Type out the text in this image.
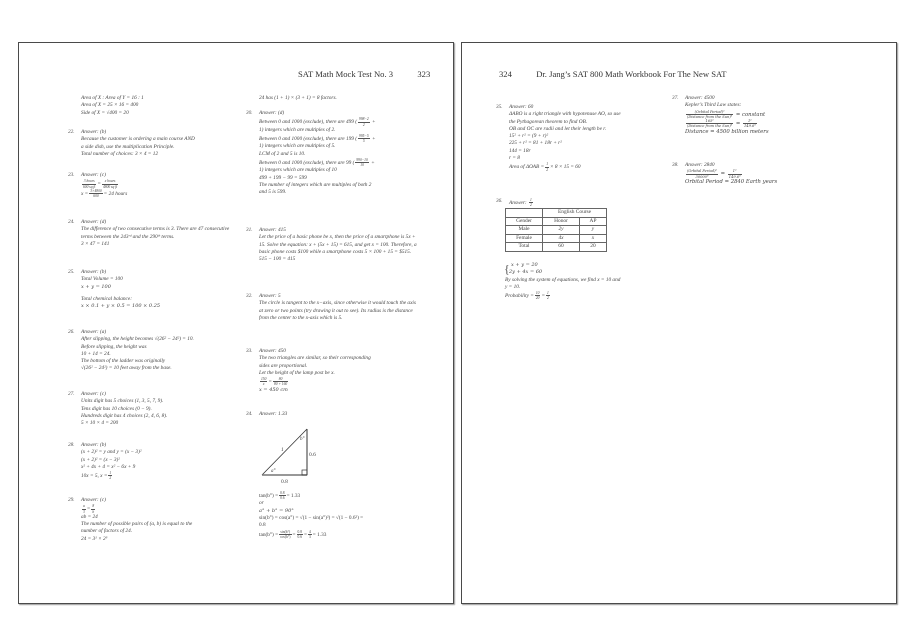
SAT Math Mock Test No. 3	323
Area of X : Area of Y = 16 : 1
Area of X = 25 × 16 = 400
Side of X = √400 = 20
22. Answer: (b)
Because the customer is ordering a main course AND
a side dish, use the multiplication Principle.
Total number of choices: 3 × 4 = 12
23. Answer: (c)
$\frac{\text{3 hours}}{\text{600 sq ft}} = \frac{\text{x hours}}{\text{4800 sq ft}}$
$x = \frac{3\times 4800}{600} = 24$ hours
24. Answer: (d)
The difference of two consecutive terms is 3. There are 47 consecutive terms between the 243ʳᵈ and the 290ᵗʰ terms.
3 × 47 = 141
25. Answer: (b)
Total Volume = 100
x + y = 100
Total chemical balance:
x × 0.1 + y × 0.5 = 100 × 0.25
26. Answer: (a)
After slipping, the height becomes √(26² − 24²) = 10.
Before slipping, the height was
10 + 14 = 24.
The bottom of the ladder was originally
√(26² − 24²) = 10 feet away from the base.
27. Answer: (c)
Units digit has 5 choices (1, 3, 5, 7, 9).
Tens digit has 10 choices (0 − 9).
Hundreds digit has 4 choices (2, 4, 6, 8).
5 × 10 × 4 = 200
28. Answer: (b)
(x + 2)² = y and y = (x − 3)²
(x + 2)² = (x − 3)²
x² + 4x + 4 = x² − 6x + 9
10x = 5, $x = \frac{1}{2}$
29. Answer: (c)
$\frac{a}{3} = \frac{8}{b}$
ab = 24
The number of possible pairs of (a, b) is equal to the
number of factors of 24.
24 = 3¹ × 2³
24 has (1 + 1) × (3 + 1) = 8 factors.
30. Answer: (d)
Between 0 and 1000 (exclude), there are 499 ( $\frac{998-2}{2}$ +
1) integers which are multiples of 2.
Between 0 and 1000 (exclude), there are 199 ( $\frac{995-5}{5}$ +
1) integers which are multiples of 5.
LCM of 2 and 5 is 10.
Between 0 and 1000 (exclude), there are 99 ( $\frac{990-10}{10}$ +
1) integers which are multiples of 10
499 + 199 − 99 = 599
The number of integers which are multiples of both 2
and 5 is 599.
31. Answer: 415
Let the price of a basic phone be x, then the price of a smartphone is 5x + 15. Solve the equation: x + (5x + 15) = 615, and get x = 100. Therefore, a basic phone costs $100 while a smartphone costs 5 × 100 + 15 = $515.
515 − 100 = 415
32. Answer: 5
The circle is tangent to the x−axis, since otherwise it would touch the axis at zero or two points (try drawing it out to see). Its radius is the distance from the center to the x-axis which is 5.
33. Answer: 450
The two triangles are similar, so their corresponding
sides are proportional.
Let the height of the lamp post be x.
$\frac{150}{x} = \frac{80}{80 + 160}$
x = 450 cm
34. Answer: 1.33
1
0.6
0.8
a°
b°
$\tan(b^\circ) = \frac{0.8}{0.6} = 1.33$
or
a° + b° = 90°
sin(b°) = cos(a°) = √(1 − sin(a°)²) = √(1 − 0.6²) =
0.8
$\tan(b^\circ) = \frac{\sin(b^\circ)}{\cos(b^\circ)} = \frac{0.8}{0.6} = \frac{4}{3} = 1.33$
324	Dr. Jang’s SAT 800 Math Workbook For The New SAT
35. Answer: 60
ΔABO is a right triangle with hypotenuse AO, so use
the Pythagorean theorem to find OB.
OB and OC are radii and let their length be r.
15² + r² = (9 + r)²
225 + r² = 81 + 18r + r²
144 = 18r
r = 8
Area of $\Delta OAB = \frac{1}{2} \times 8 \times 15 = 60$
36. Answer: $\frac{1}{2}$
	English Course	
Gender	Honor	AP
Male	2y	y
Female	4x	x
Total	60	20
{ x + y = 20
2y + 4x = 60
By solving the system of equations, we find x = 10 and
y = 10.
Probability = $\frac{10}{20} = \frac{1}{2}$
37. Answer: 4500
Kepler’s Third Law states:
$\frac{\text{(Orbital Period)²}}{\text{(Distance from the Sun)³}}$ = constant
$\frac{\text{165²}}{\text{(Distance from the Sun)³}} = \frac{\text{1²}}{\text{149.6³}}$
Distance = 4500 billion meters
38. Answer: 2840
$\frac{\text{(Orbital Period)²}}{\text{30000³}} = \frac{\text{1²}}{\text{149.6³}}$
Orbital Period = 2840 Earth years
